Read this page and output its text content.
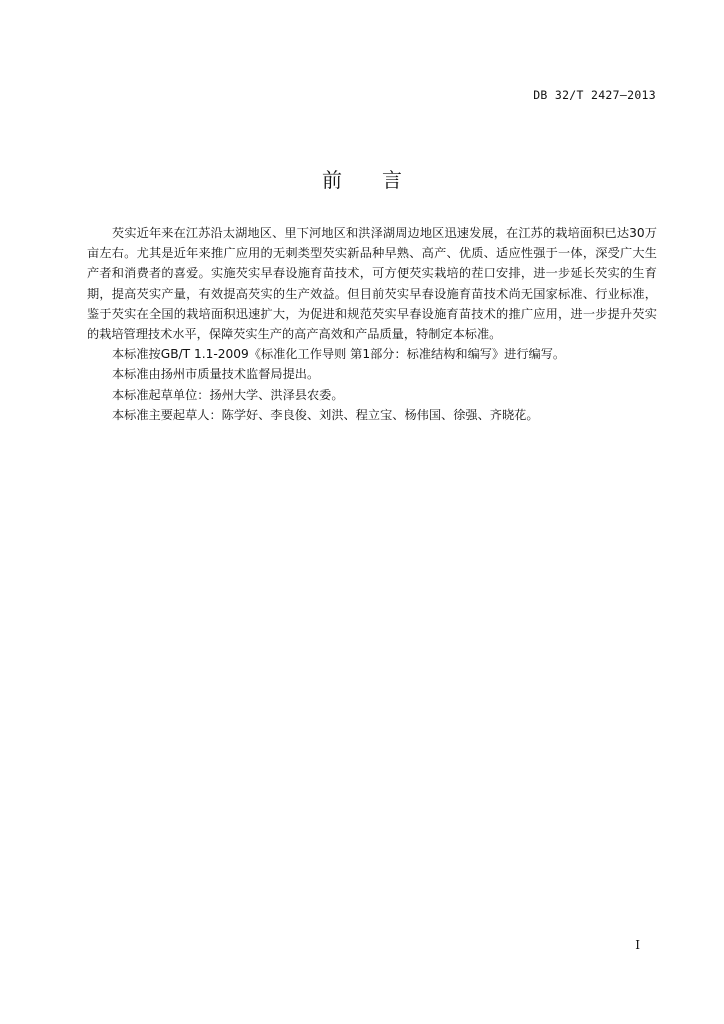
DB 32/T 2427—2013
前 言

芡实近年来在江苏沿太湖地区、里下河地区和洪泽湖周边地区迅速发展，在江苏的栽培面积已达30万亩左右。尤其是近年来推广应用的无刺类型芡实新品种早熟、高产、优质、适应性强于一体，深受广大生产者和消费者的喜爱。实施芡实早春设施育苗技术，可方便芡实栽培的茬口安排，进一步延长芡实的生育期，提高芡实产量，有效提高芡实的生产效益。但目前芡实早春设施育苗技术尚无国家标准、行业标准，鉴于芡实在全国的栽培面积迅速扩大，为促进和规范芡实早春设施育苗技术的推广应用，进一步提升芡实的栽培管理技术水平，保障芡实生产的高产高效和产品质量，特制定本标准。

本标准按GB/T 1.1-2009《标准化工作导则 第1部分：标准结构和编写》进行编写。

本标准由扬州市质量技术监督局提出。

本标准起草单位：扬州大学、洪泽县农委。

本标准主要起草人：陈学好、李良俊、刘洪、程立宝、杨伟国、徐强、齐晓花。

I
